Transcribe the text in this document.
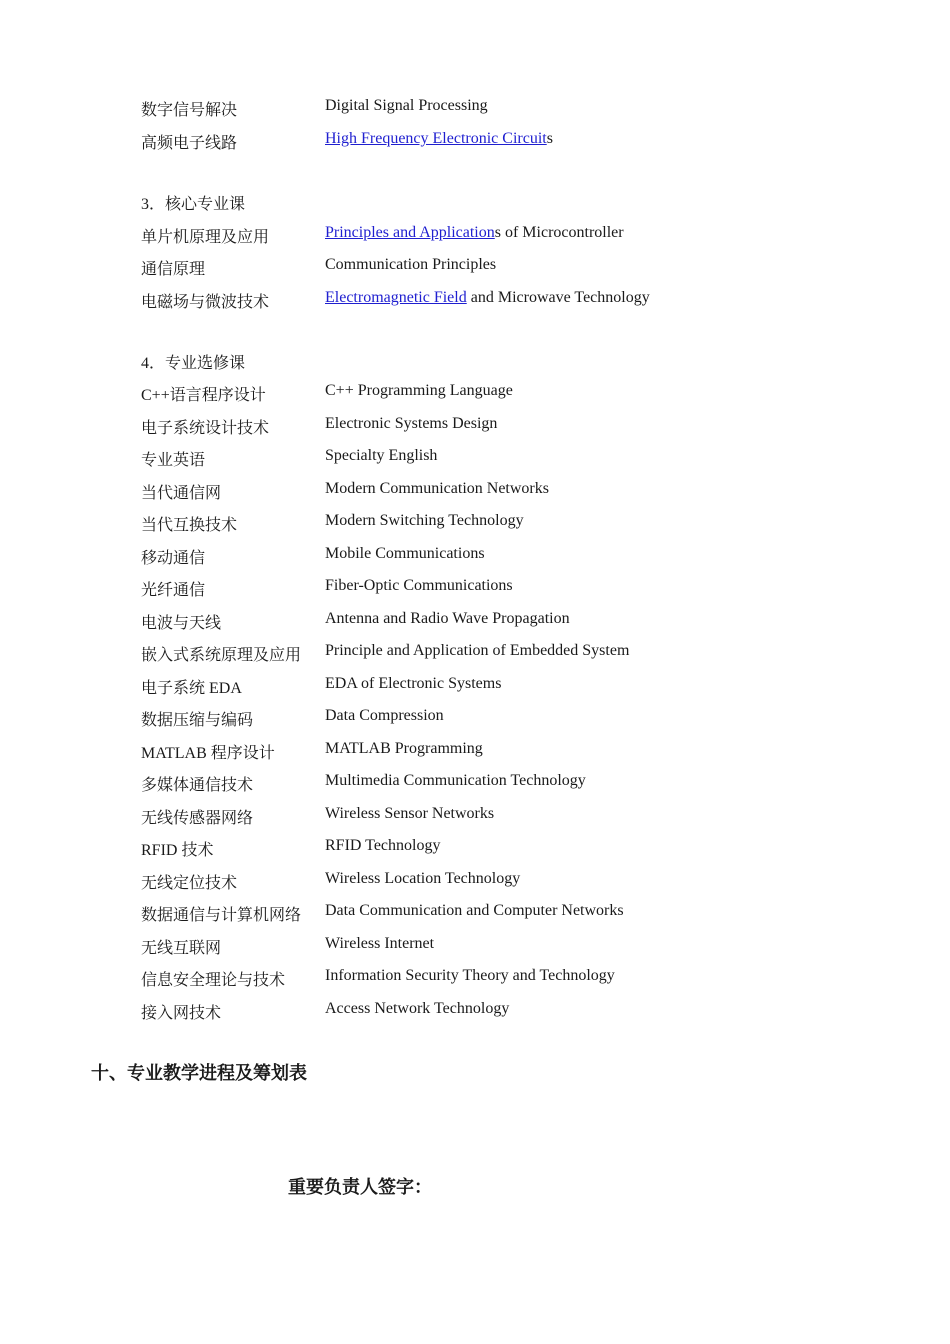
数字信号解决	Digital Signal Processing
高频电子线路	High Frequency Electronic Circuits
3．核心专业课
单片机原理及应用	Principles and Applications of Microcontroller
通信原理	Communication Principles
电磁场与微波技术	Electromagnetic Field and Microwave Technology
4．专业选修课
C++语言程序设计	C++ Programming Language
电子系统设计技术	Electronic Systems Design
专业英语	Specialty English
当代通信网	Modern Communication Networks
当代互换技术	Modern Switching Technology
移动通信	Mobile Communications
光纤通信	Fiber-Optic Communications
电波与天线	Antenna and Radio Wave Propagation
嵌入式系统原理及应用 Principle and Application of Embedded System
电子系统 EDA	EDA of Electronic Systems
数据压缩与编码	Data Compression
MATLAB 程序设计	MATLAB Programming
多媒体通信技术	Multimedia Communication Technology
无线传感器网络	Wireless Sensor Networks
RFID 技术	RFID Technology
无线定位技术	Wireless Location Technology
数据通信与计算机网络 Data Communication and Computer Networks
无线互联网	Wireless Internet
信息安全理论与技术 Information Security Theory and Technology
接入网技术	Access Network Technology
十、专业教学进程及筹划表
重要负责人签字：
